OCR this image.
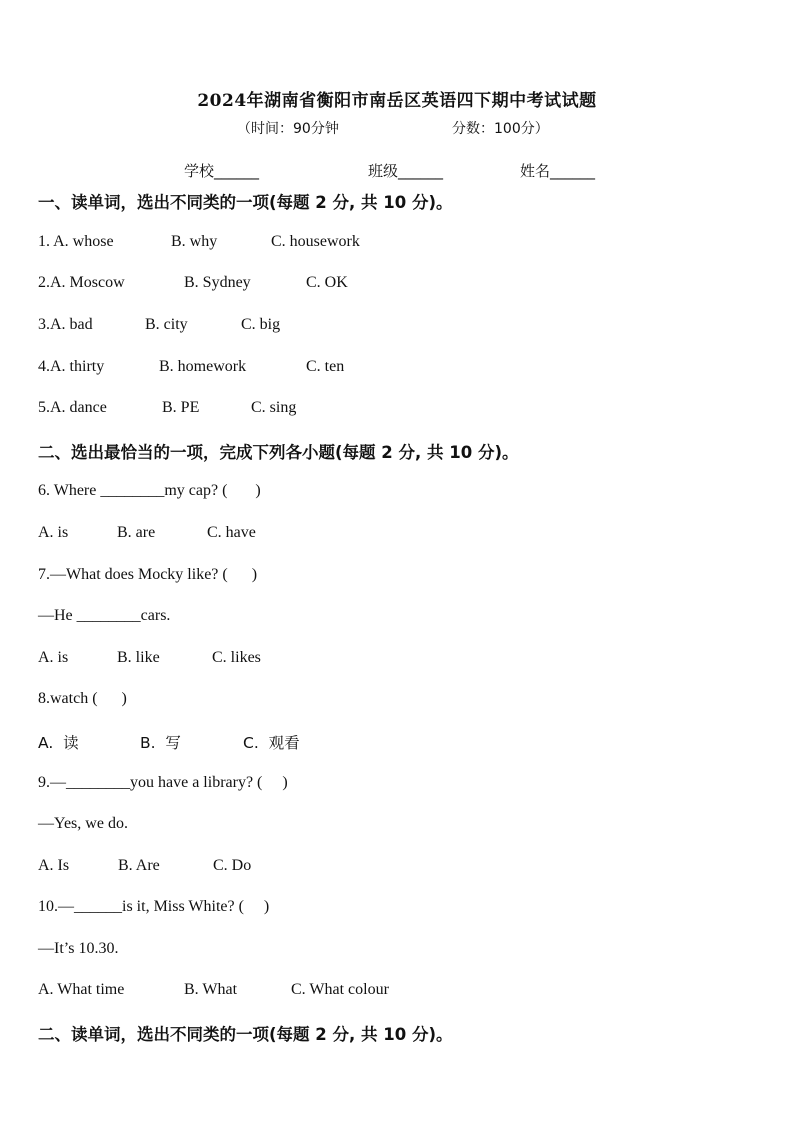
2024年湖南省衡阳市南岳区英语四下期中考试试题
（时间：90分钟	分数：100分）
学校______	班级______	姓名______
一、读单词，选出不同类的一项(每题 2 分, 共 10 分)。
1. A. whose	B. why	C. housework
2.A. Moscow	B. Sydney	C. OK
3.A. bad	B. city	C. big
4.A. thirty	B. homework	C. ten
5.A. dance	B. PE	C. sing
二、选出最恰当的一项，完成下列各小题(每题 2 分, 共 10 分)。
6. Where ________my cap? (       )
A. is	B. are	C. have
7.—What does Mocky like? (      )
—He ________cars.
A. is	B. like	C. likes
8.watch (      )
A.  读	B.  写	C.  观看
9.—________you have a library? (     )
—Yes, we do.
A. Is	B. Are	C. Do
10.—______is it, Miss White? (     )
—It’s 10.30.
A. What time	B. What	C. What colour
二、读单词，选出不同类的一项(每题 2 分, 共 10 分)。
